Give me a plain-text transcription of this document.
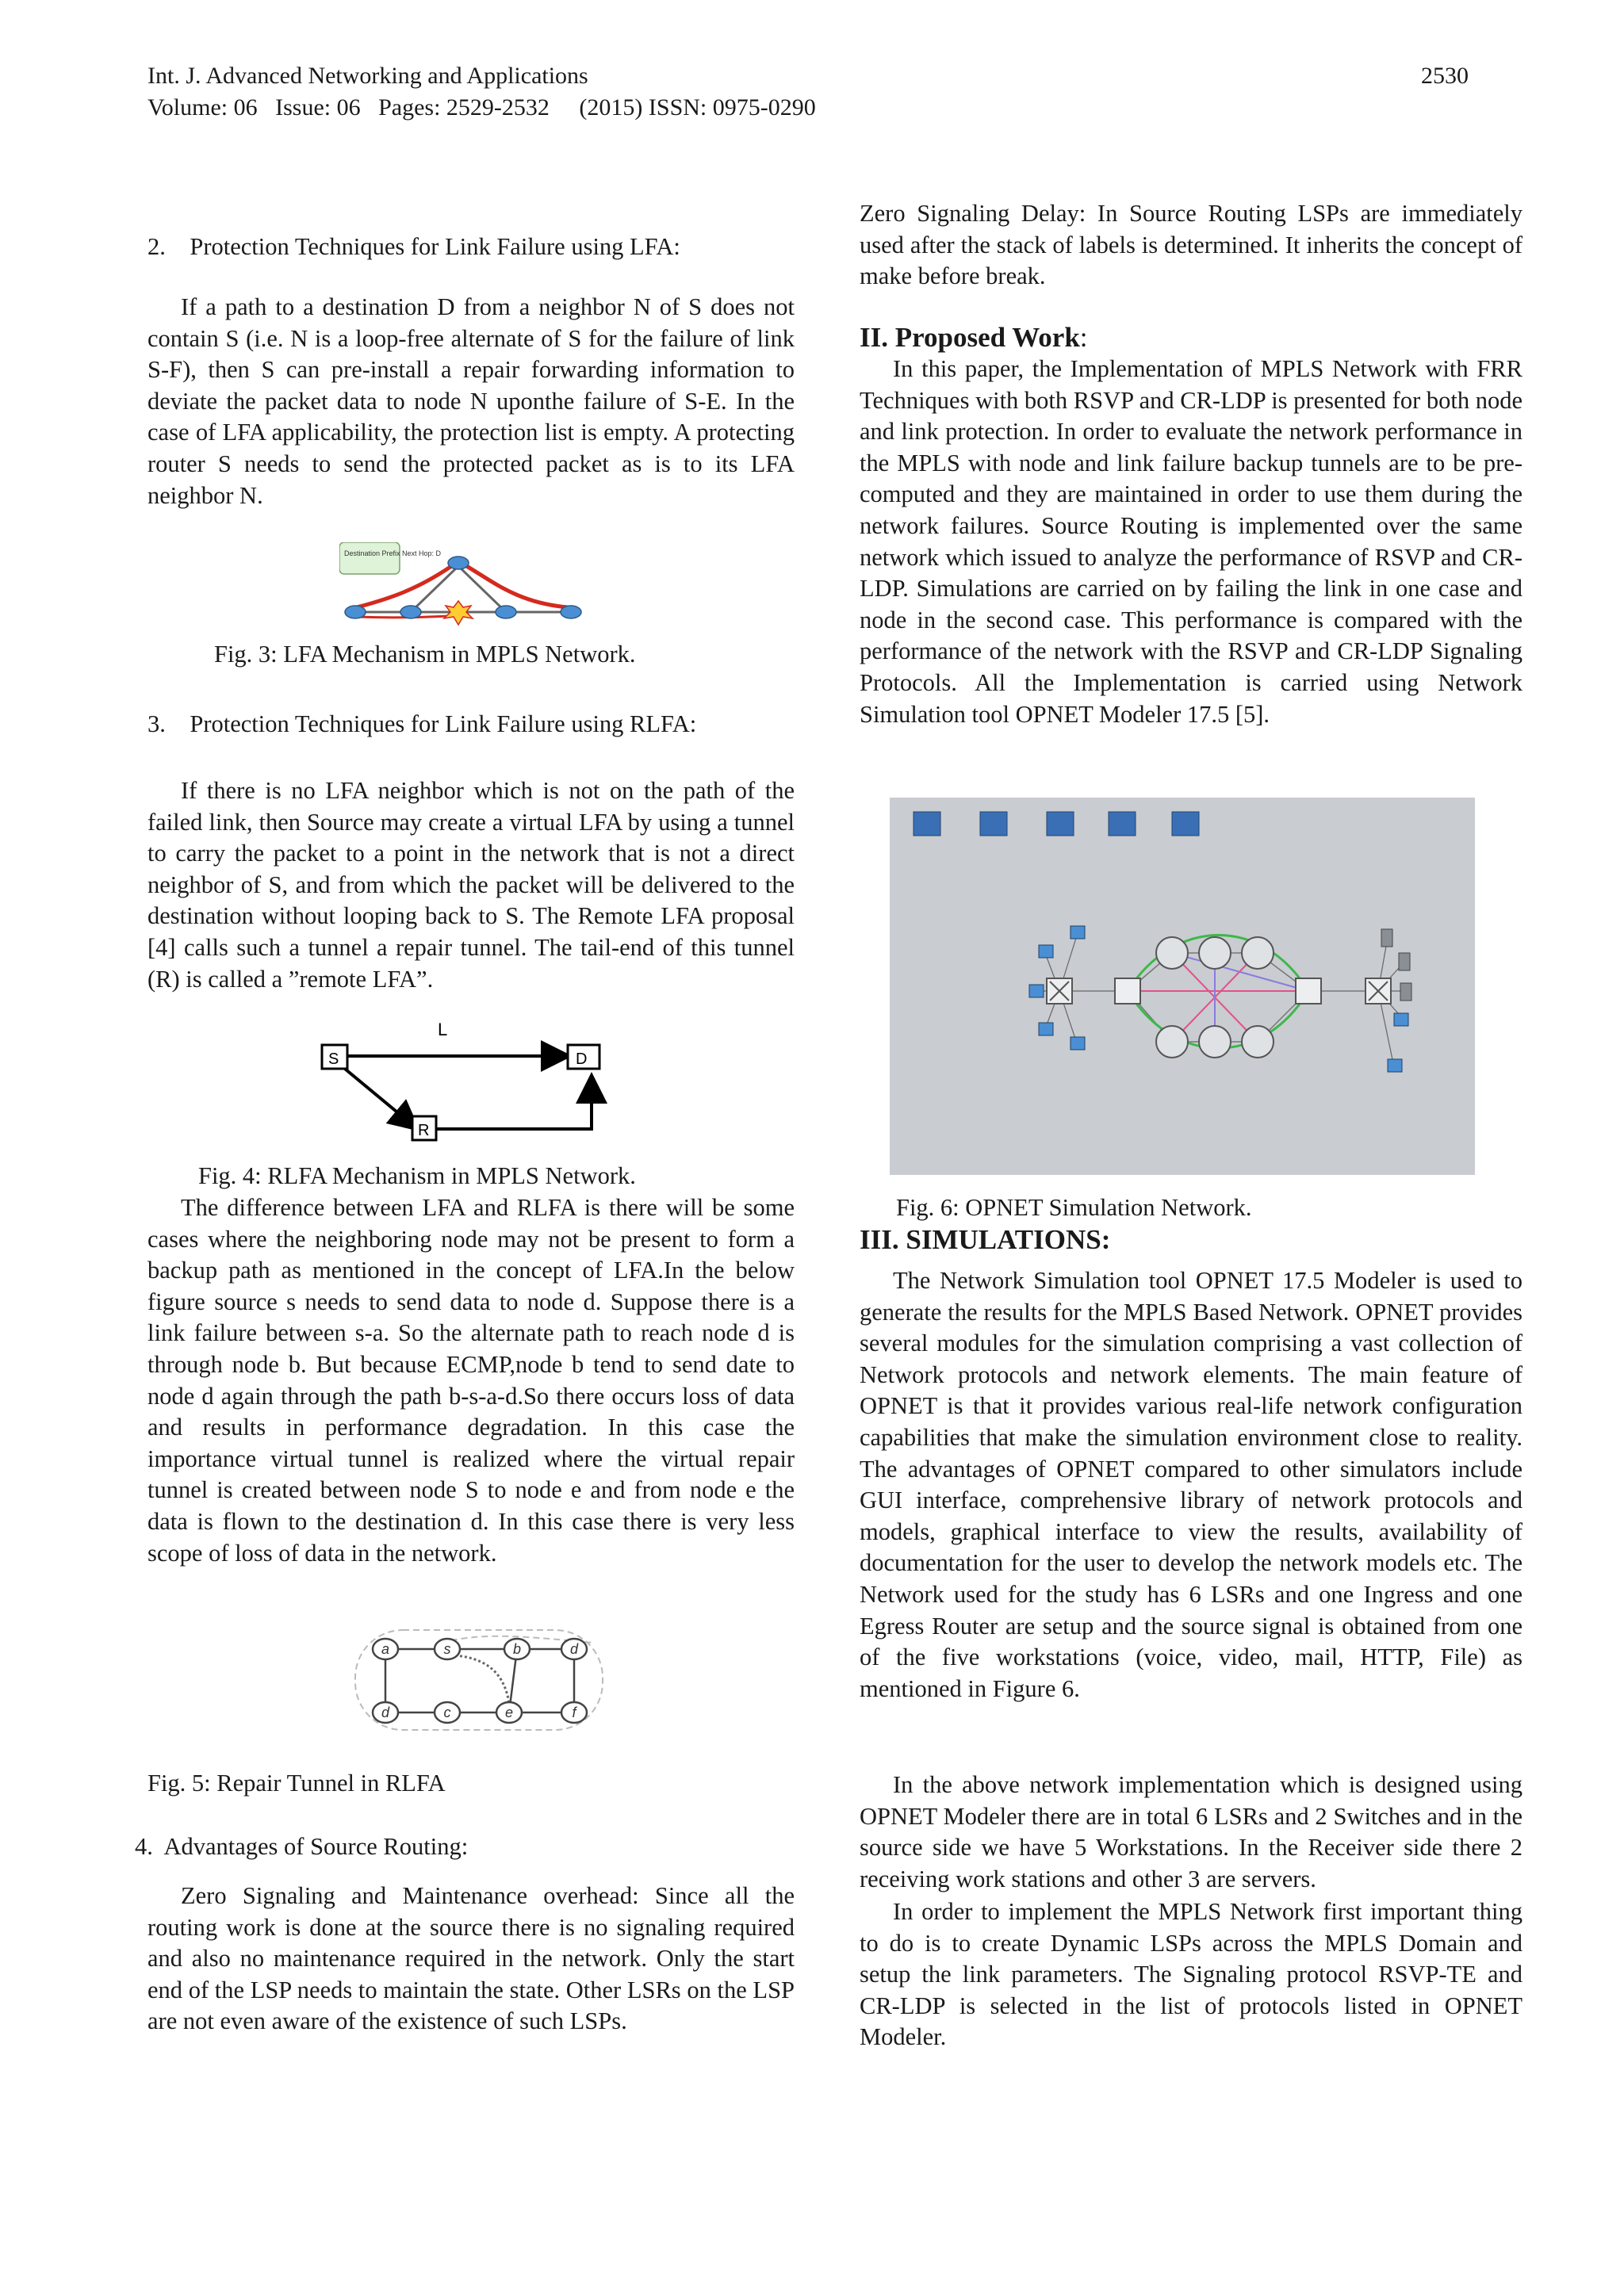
Int. J. Advanced Networking and Applications	2530
Volume: 06   Issue: 06   Pages: 2529-2532     (2015) ISSN: 0975-0290
2.    Protection Techniques for Link Failure using LFA:
If a path to a destination D from a neighbor N of S does not contain S (i.e. N is a loop-free alternate of S for the failure of link S-F), then S can pre-install a repair forwarding information to deviate the packet data to node N uponthe failure of S-E. In the case of LFA applicability, the protection list is empty. A protecting router S needs to send the protected packet as is to its LFA neighbor N.
Destination Prefix Next Hop: D
Fig. 3: LFA Mechanism in MPLS Network.
3.    Protection Techniques for Link Failure using RLFA:
If there is no LFA neighbor which is not on the path of the failed link, then Source may create a virtual LFA by using a tunnel to carry the packet to a point in the network that is not a direct neighbor of S, and from which the packet will be delivered to the destination without looping back to S. The Remote LFA proposal [4] calls such a tunnel a repair tunnel. The tail-end of this tunnel (R) is called a ”remote LFA”.
L
S	D
R
Fig. 4: RLFA Mechanism in MPLS Network.
The difference between LFA and RLFA is there will be some cases where the neighboring node may not be present to form a backup path as mentioned in the concept of LFA.In the below figure source s needs to send data to node d. Suppose there is a link failure between s-a. So the alternate path to reach node d is through node b. But because ECMP,node b tend to send date to node d again through the path b-s-a-d.So there occurs loss of data and results in performance degradation. In this case the importance virtual tunnel is realized where the virtual repair tunnel is created between node S to node e and from node e the data is flown to the destination d. In this case there is very less scope of loss of data in the network.
a	s	b	d
d	c	e	f
Fig. 5: Repair Tunnel in RLFA
4.  Advantages of Source Routing:
Zero Signaling and Maintenance overhead: Since all the routing work is done at the source there is no signaling required and also no maintenance required in the network. Only the start end of the LSP needs to maintain the state. Other LSRs on the LSP are not even aware of the existence of such LSPs.
Zero Signaling Delay: In Source Routing LSPs are immediately used after the stack of labels is determined. It inherits the concept of make before break.

II. Proposed Work:

In this paper, the Implementation of MPLS Network with FRR Techniques with both RSVP and CR-LDP is presented for both node and link protection. In order to evaluate the network performance in the MPLS with node and link failure backup tunnels are to be pre-computed and they are maintained in order to use them during the network failures. Source Routing is implemented over the same network which issued to analyze the performance of RSVP and CR-LDP. Simulations are carried on by failing the link in one case and node in the second case. This performance is compared with the performance of the network with the RSVP and CR-LDP Signaling Protocols. All the Implementation is carried using Network Simulation tool OPNET Modeler 17.5 [5].
Fig. 6: OPNET Simulation Network.

III. SIMULATIONS:

The Network Simulation tool OPNET 17.5 Modeler is used to generate the results for the MPLS Based Network. OPNET provides several modules for the simulation comprising a vast collection of Network protocols and network elements. The main feature of OPNET is that it provides various real-life network configuration capabilities that make the simulation environment close to reality. The advantages of OPNET compared to other simulators include GUI interface, comprehensive library of network protocols and models, graphical interface to view the results, availability of documentation for the user to develop the network models etc. The Network used for the study has 6 LSRs and one Ingress and one Egress Router are setup and the source signal is obtained from one of the five workstations (voice, video, mail, HTTP, File) as mentioned in Figure 6.
In the above network implementation which is designed using OPNET Modeler there are in total 6 LSRs and 2 Switches and in the source side we have 5 Workstations. In the Receiver side there 2 receiving work stations and other 3 are servers.
In order to implement the MPLS Network first important thing to do is to create Dynamic LSPs across the MPLS Domain and setup the link parameters. The Signaling protocol RSVP-TE and CR-LDP is selected in the list of protocols listed in OPNET Modeler.
